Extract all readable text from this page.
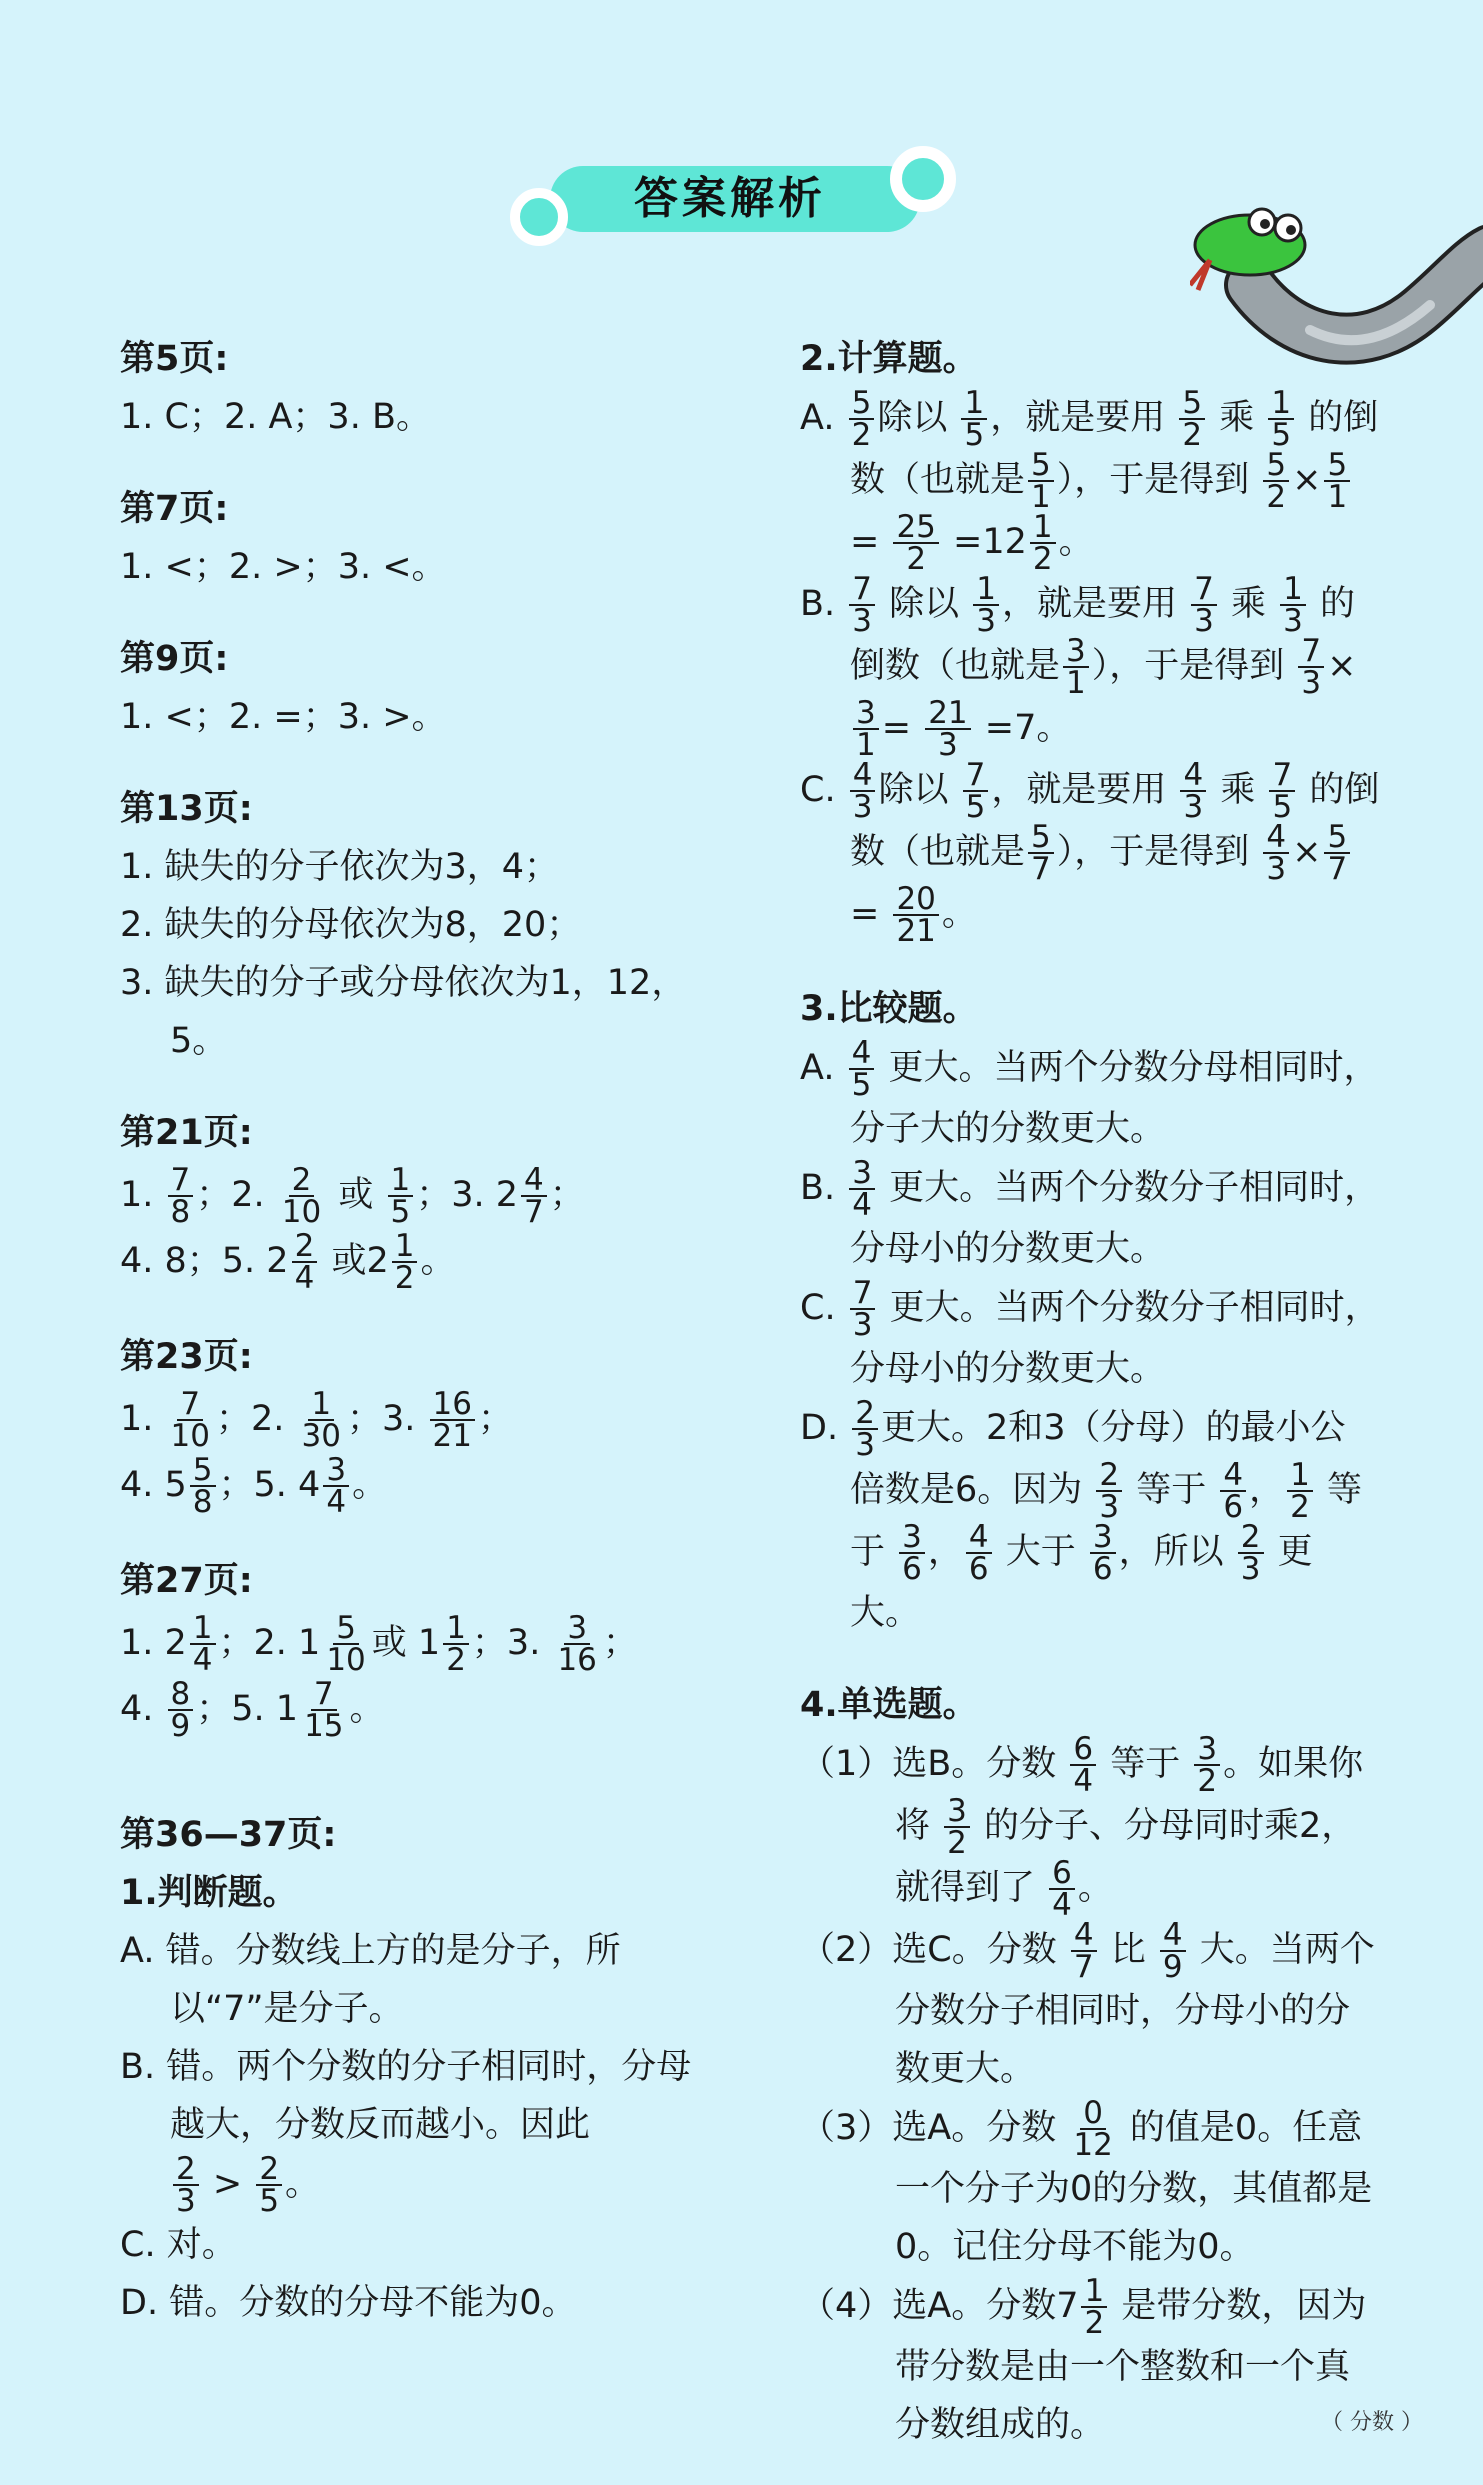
答案解析

第5页:

1. C；2. A；3. B。

第7页:

1. <；2. >；3. <。

第9页:

1. <；2. =；3. >。

第13页:

1. 缺失的分子依次为3，4；

2. 缺失的分母依次为8，20；

3. 缺失的分子或分母依次为1，12，5。

第21页:

1. $\frac{7}{8}$ ；2. $\frac{2}{10}$ 或 $\frac{1}{5}$ ；3. $2 \frac{4}{7}$ ；

4. 8；5. $2 \frac{2}{4}$ 或$2 \frac{1}{2}$ 。

第23页:

1. $\frac{7}{10}$ ；2. $\frac{1}{30}$ ；3. $\frac{16}{21}$ ；

4. $5 \frac{5}{8}$ ；5. $4 \frac{3}{4}$ 。

第27页:

1. $2 \frac{1}{4}$ ；2. $1 \frac{5}{10}$ 或 $1 \frac{1}{2}$ ；3. $\frac{3}{16}$ ；

4. $\frac{8}{9}$ ；5. $1 \frac{7}{15}$ 。

第36—37页:

1.判断题。

A. 错。分数线上方的是分子，所以“7”是分子。

B. 错。两个分数的分子相同时，分母越大，分数反而越小。因此

$\frac{2}{3} > \frac{2}{5}$ 。

C. 对。

D. 错。分数的分母不能为0。

2.计算题。

A. $\frac{5}{2}$ 除以 $\frac{1}{5}$ ，就是要用 $\frac{5}{2}$ 乘 $\frac{1}{5}$ 的倒数（也就是 $\frac{5}{1}$ ），于是得到 $\frac{5}{2} \times \frac{5}{1}$
= $\frac{25}{2} =12 \frac{1}{2}$ 。

B. $\frac{7}{3}$ 除以 $\frac{1}{3}$ ，就是要用 $\frac{7}{3}$ 乘 $\frac{1}{3}$ 的倒数（也就是 $\frac{3}{1}$ ），于是得到 $\frac{7}{3}$ ×
$\frac{3}{1} = \frac{21}{3} =7$。

C. $\frac{4}{3}$ 除以 $\frac{7}{5}$ ，就是要用 $\frac{4}{3}$ 乘 $\frac{7}{5}$ 的倒数（也就是 $\frac{5}{7}$ ），于是得到 $\frac{4}{3} \times \frac{5}{7}$
= $\frac{20}{21}$ 。

3.比较题。

A. $\frac{4}{5}$ 更大。当两个分数分母相同时，分子大的分数更大。

B. $\frac{3}{4}$ 更大。当两个分数分子相同时，分母小的分数更大。

C. $\frac{7}{3}$ 更大。当两个分数分子相同时，分母小的分数更大。

D. $\frac{2}{3}$ 更大。2和3（分母）的最小公倍数是6。因为 $\frac{2}{3}$ 等于 $\frac{4}{6}$ ， $\frac{1}{2}$ 等于 $\frac{3}{6}$ ， $\frac{4}{6}$ 大于 $\frac{3}{6}$ ，所以 $\frac{2}{3}$ 更大。

4.单选题。

（1）选B。分数 $\frac{6}{4}$ 等于 $\frac{3}{2}$ 。如果你将 $\frac{3}{2}$ 的分子、分母同时乘2，就得到了 $\frac{6}{4}$ 。

（2）选C。分数 $\frac{4}{7}$ 比 $\frac{4}{9}$ 大。当两个分数分子相同时，分母小的分数更大。

（3）选A。分数 $\frac{0}{12}$ 的值是0。任意一个分子为0的分数，其值都是0。记住分母不能为0。

（4）选A。分数$7 \frac{1}{2}$ 是带分数，因为带分数是由一个整数和一个真分数组成的。	（ 分数 ）
